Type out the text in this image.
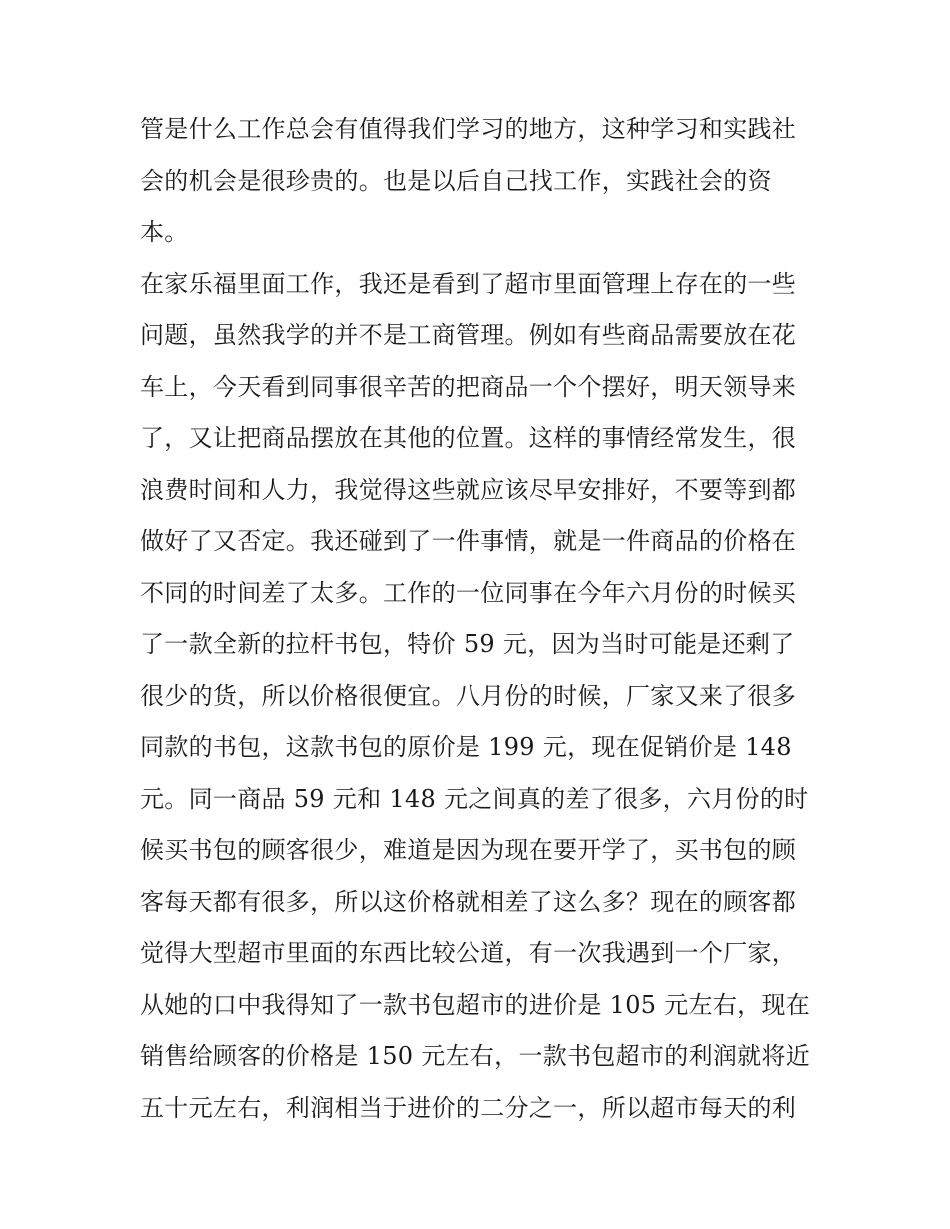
管是什么工作总会有值得我们学习的地方，这种学习和实践社
会的机会是很珍贵的。也是以后自己找工作，实践社会的资
本。
在家乐福里面工作，我还是看到了超市里面管理上存在的一些
问题，虽然我学的并不是工商管理。例如有些商品需要放在花
车上，今天看到同事很辛苦的把商品一个个摆好，明天领导来
了，又让把商品摆放在其他的位置。这样的事情经常发生，很
浪费时间和人力，我觉得这些就应该尽早安排好，不要等到都
做好了又否定。我还碰到了一件事情，就是一件商品的价格在
不同的时间差了太多。工作的一位同事在今年六月份的时候买
了一款全新的拉杆书包，特价 59 元，因为当时可能是还剩了
很少的货，所以价格很便宜。八月份的时候，厂家又来了很多
同款的书包，这款书包的原价是 199 元，现在促销价是 148
元。同一商品 59 元和 148 元之间真的差了很多，六月份的时
候买书包的顾客很少，难道是因为现在要开学了，买书包的顾
客每天都有很多，所以这价格就相差了这么多？现在的顾客都
觉得大型超市里面的东西比较公道，有一次我遇到一个厂家，
从她的口中我得知了一款书包超市的进价是 105 元左右，现在
销售给顾客的价格是 150 元左右，一款书包超市的利润就将近
五十元左右，利润相当于进价的二分之一，所以超市每天的利
